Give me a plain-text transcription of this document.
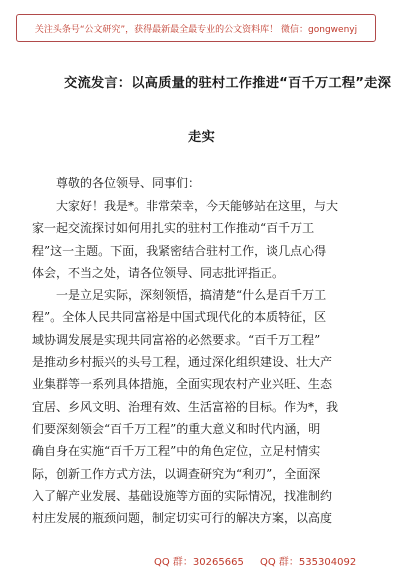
关注头条号“公文研究”，获得最新最全最专业的公文资料库！ 微信：gongwenyj
交流发言：以高质量的驻村工作推进“百千万工程”走深
走实
尊敬的各位领导、同事们：
大家好！我是*。非常荣幸，今天能够站在这里，与大
家一起交流探讨如何用扎实的驻村工作推动“百千万工
程”这一主题。下面，我紧密结合驻村工作，谈几点心得
体会，不当之处，请各位领导、同志批评指正。
一是立足实际，深刻领悟，搞清楚“什么是百千万工
程”。全体人民共同富裕是中国式现代化的本质特征，区
域协调发展是实现共同富裕的必然要求。“百千万工程”
是推动乡村振兴的头号工程，通过深化组织建设、壮大产
业集群等一系列具体措施，全面实现农村产业兴旺、生态
宜居、乡风文明、治理有效、生活富裕的目标。作为*，我
们要深刻领会“百千万工程”的重大意义和时代内涵，明
确自身在实施“百千万工程”中的角色定位，立足村情实
际，创新工作方式方法，以调查研究为“利刃”，全面深
入了解产业发展、基础设施等方面的实际情况，找准制约
村庄发展的瓶颈问题，制定切实可行的解决方案，以高度
QQ 群：30265665 QQ 群：535304092
